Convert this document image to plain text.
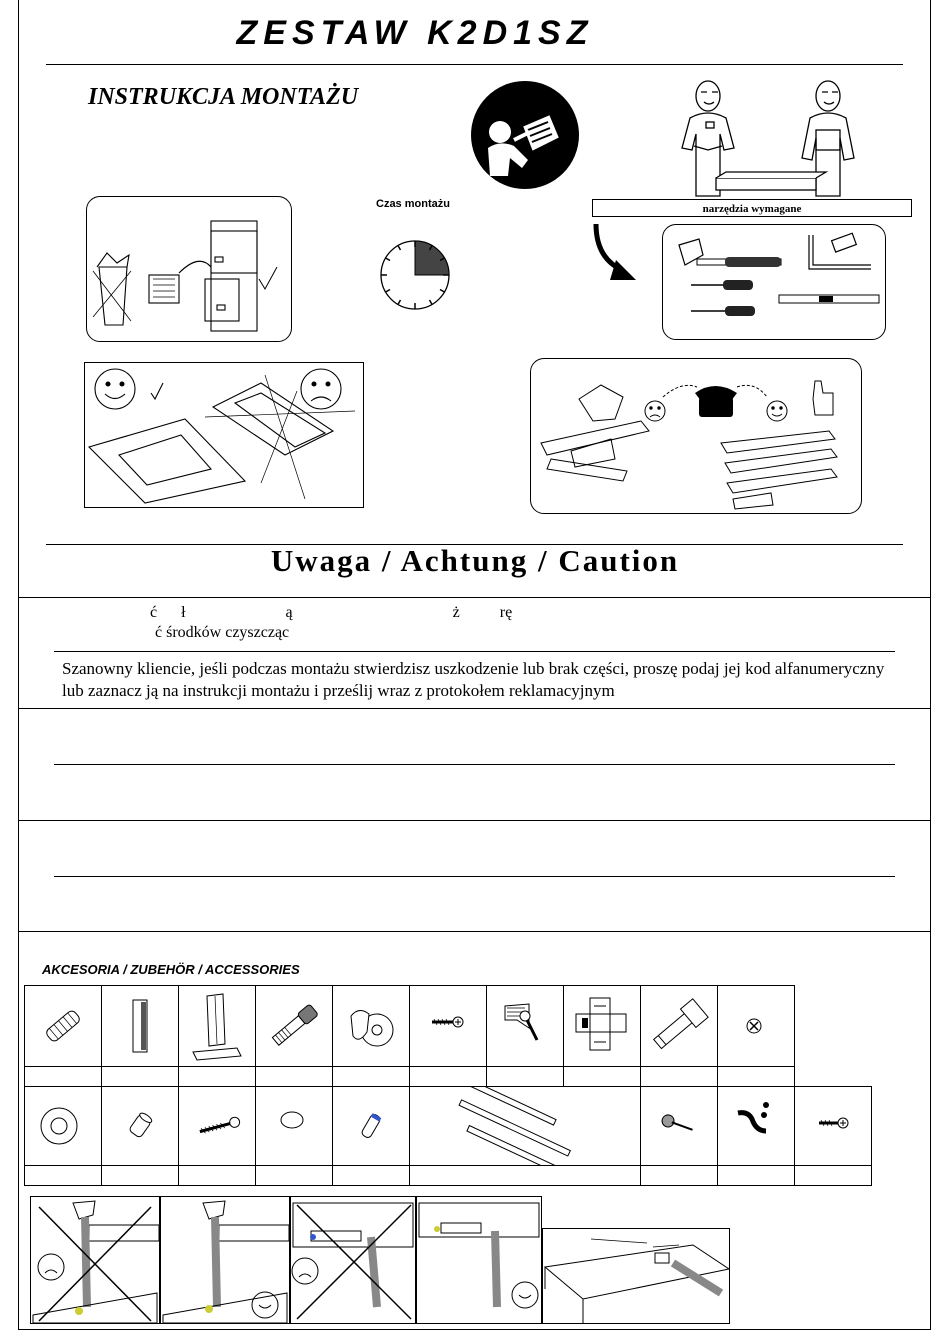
ZESTAW K2D1SZ
INSTRUKCJA MONTAŻU
Czas montażu	narzędzia wymagane
Uwaga / Achtung / Caution
ć      ł                         ą                                        ż          rę
ć środków czyszcząc
Szanowny kliencie, jeśli podczas montażu stwierdzisz uszkodzenie lub brak części, proszę podaj jej kod alfanumeryczny lub zaznacz ją na instrukcji montażu i prześlij wraz z protokołem reklamacyjnym
AKCESORIA / ZUBEHÖR / ACCESSORIES
